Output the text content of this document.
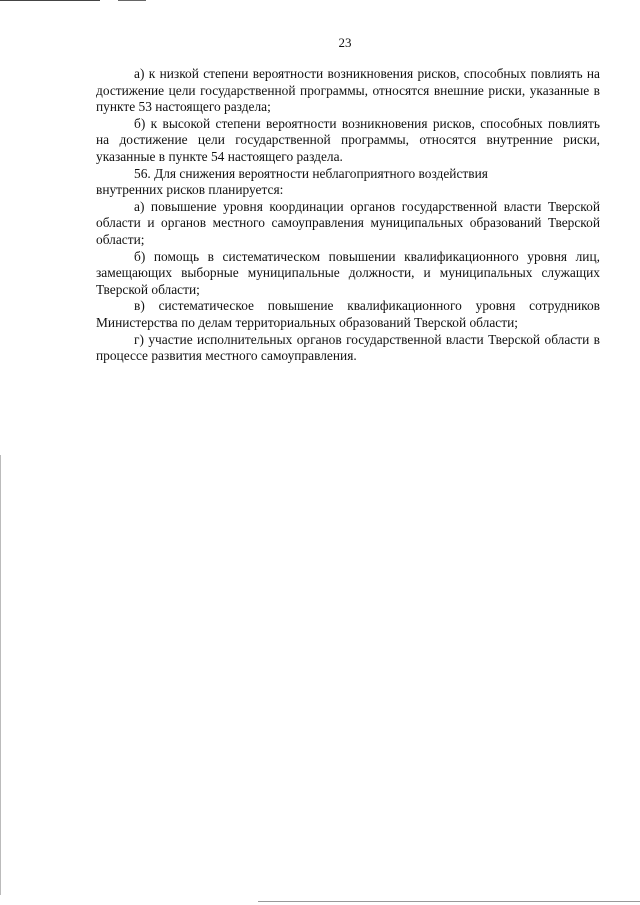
23

а) к низкой степени вероятности возникновения рисков, способных повлиять на достижение цели государственной программы, относятся внешние риски, указанные в пункте 53 настоящего раздела;

б) к высокой степени вероятности возникновения рисков, способных повлиять на достижение цели государственной программы, относятся внутренние риски, указанные в пункте 54 настоящего раздела.

56. Для снижения вероятности неблагоприятного воздействия

внутренних рисков планируется:

а) повышение уровня координации органов государственной власти Тверской области и органов местного самоуправления муниципальных образований Тверской области;

б) помощь в систематическом повышении квалификационного уровня лиц, замещающих выборные муниципальные должности, и муниципальных служащих Тверской области;

в) систематическое повышение квалификационного уровня сотрудников Министерства по делам территориальных образований Тверской области;

г) участие исполнительных органов государственной власти Тверской области в процессе развития местного самоуправления.
